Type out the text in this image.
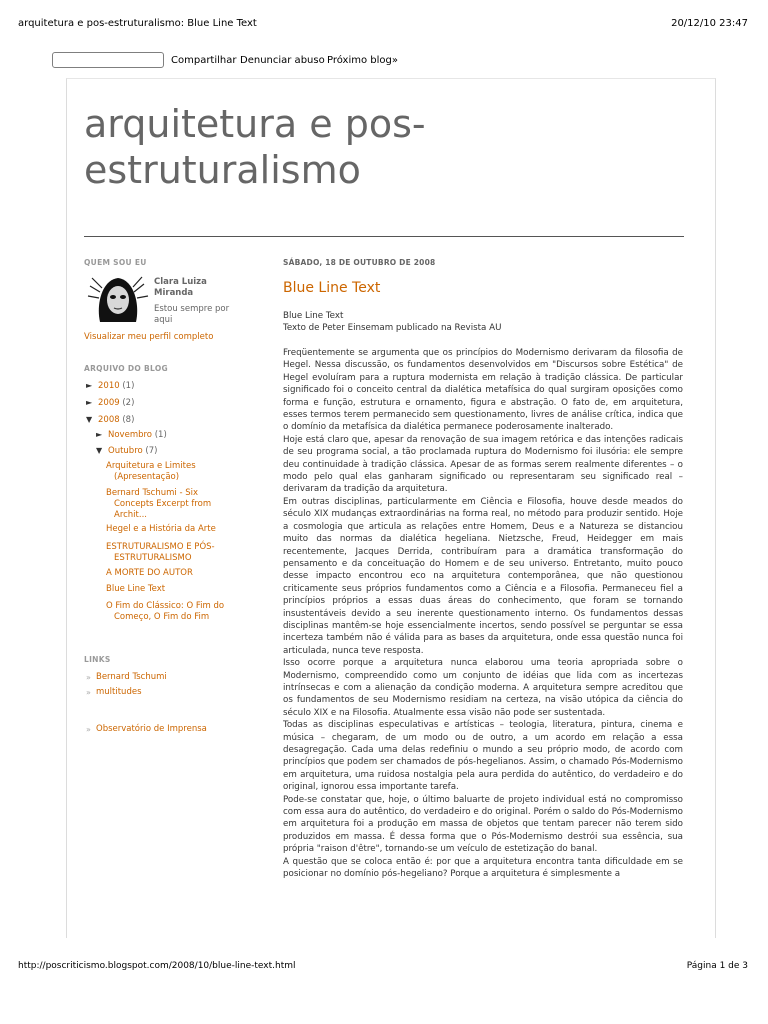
arquitetura e pos-estruturalismo: Blue Line Text	20/12/10 23:47
Compartilhar Denunciar abuso Próximo blog»
arquitetura e pos-
estruturalismo
QUEM SOU EU
Clara Luiza
Miranda
Estou sempre por
aqui
Visualizar meu perfil completo
ARQUIVO DO BLOG
► 2010 (1)
► 2009 (2)
▼ 2008 (8)
► Novembro (1)
▼ Outubro (7)
Arquitetura e Limites
(Apresentação)
Bernard Tschumi - Six
Concepts Excerpt from
Archit...
Hegel e a História da Arte
ESTRUTURALISMO E PÓS-
ESTRUTURALISMO
A MORTE DO AUTOR
Blue Line Text
O Fim do Clássico: O Fim do
Começo, O Fim do Fim
LINKS
» Bernard Tschumi
» multitudes
» Observatório de Imprensa
SÁBADO, 18 DE OUTUBRO DE 2008
Blue Line Text
Blue Line Text
Texto de Peter Einsemam publicado na Revista AU

Freqüentemente se argumenta que os princípios do Modernismo derivaram da filosofia de Hegel. Nessa discussão, os fundamentos desenvolvidos em "Discursos sobre Estética" de Hegel evoluíram para a ruptura modernista em relação à tradição clássica. De particular significado foi o conceito central da dialética metafísica do qual surgiram oposições como forma e função, estrutura e ornamento, figura e abstração. O fato de, em arquitetura, esses termos terem permanecido sem questionamento, livres de análise crítica, indica que o domínio da metafísica da dialética permanece poderosamente inalterado.

Hoje está claro que, apesar da renovação de sua imagem retórica e das intenções radicais de seu programa social, a tão proclamada ruptura do Modernismo foi ilusória: ele sempre deu continuidade à tradição clássica. Apesar de as formas serem realmente diferentes – o modo pelo qual elas ganharam significado ou representaram seu significado real – derivaram da tradição da arquitetura.

Em outras disciplinas, particularmente em Ciência e Filosofia, houve desde meados do século XIX mudanças extraordinárias na forma real, no método para produzir sentido. Hoje a cosmologia que articula as relações entre Homem, Deus e a Natureza se distanciou muito das normas da dialética hegeliana. Nietzsche, Freud, Heidegger em mais recentemente, Jacques Derrida, contribuíram para a dramática transformação do pensamento e da conceituação do Homem e de seu universo. Entretanto, muito pouco desse impacto encontrou eco na arquitetura contemporânea, que não questionou criticamente seus próprios fundamentos como a Ciência e a Filosofia. Permaneceu fiel a princípios próprios a essas duas áreas do conhecimento, que foram se tornando insustentáveis devido a seu inerente questionamento interno. Os fundamentos dessas disciplinas mantêm-se hoje essencialmente incertos, sendo possível se perguntar se essa incerteza também não é válida para as bases da arquitetura, onde essa questão nunca foi articulada, nunca teve resposta.

Isso ocorre porque a arquitetura nunca elaborou uma teoria apropriada sobre o Modernismo, compreendido como um conjunto de idéias que lida com as incertezas intrínsecas e com a alienação da condição moderna. A arquitetura sempre acreditou que os fundamentos de seu Modernismo residiam na certeza, na visão utópica da ciência do século XIX e na Filosofia. Atualmente essa visão não pode ser sustentada.

Todas as disciplinas especulativas e artísticas – teologia, literatura, pintura, cinema e música – chegaram, de um modo ou de outro, a um acordo em relação a essa desagregação. Cada uma delas redefiniu o mundo a seu próprio modo, de acordo com princípios que podem ser chamados de pós-hegelianos. Assim, o chamado Pós-Modernismo em arquitetura, uma ruidosa nostalgia pela aura perdida do autêntico, do verdadeiro e do original, ignorou essa importante tarefa.

Pode-se constatar que, hoje, o último baluarte de projeto individual está no compromisso com essa aura do autêntico, do verdadeiro e do original. Porém o saldo do Pós-Modernismo em arquitetura foi a produção em massa de objetos que tentam parecer não terem sido produzidos em massa. É dessa forma que o Pós-Modernismo destrói sua essência, sua própria "raison d'être", tornando-se um veículo de estetização do banal.

A questão que se coloca então é: por que a arquitetura encontra tanta dificuldade em se posicionar no domínio pós-hegeliano? Porque a arquitetura é simplesmente a

http://poscriticismo.blogspot.com/2008/10/blue-line-text.html	Página 1 de 3
